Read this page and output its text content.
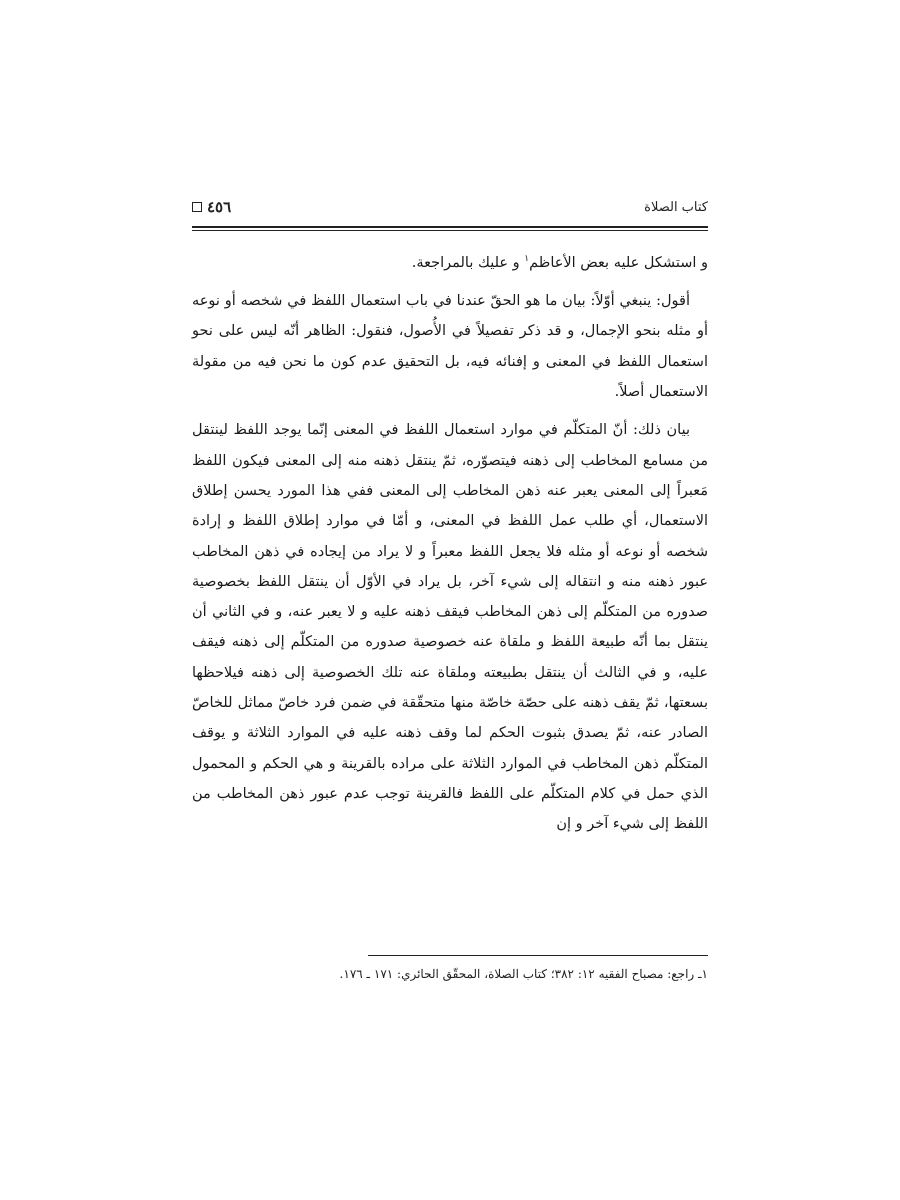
٤٥٦	كتاب الصلاة

و استشكل عليه بعض الأعاظم$^١$ و عليك بالمراجعة.

أقول: ينبغي أوّلاً: بيان ما هو الحقّ عندنا في باب استعمال اللفظ في شخصه أو نوعه أو مثله بنحو الإجمال، و قد ذكر تفصيلاً في الأُصول، فنقول: الظاهر أنّه ليس على نحو استعمال اللفظ في المعنى و إفنائه فيه، بل التحقيق عدم كون ما نحن فيه من مقولة الاستعمال أصلاً.

بيان ذلك: أنّ المتكلّم في موارد استعمال اللفظ في المعنى إنّما يوجد اللفظ لينتقل من مسامع المخاطب إلى ذهنه فيتصوّره، ثمّ ينتقل ذهنه منه إلى المعنى فيكون اللفظ مَعبراً إلى المعنى يعبر عنه ذهن المخاطب إلى المعنى ففي هذا المورد يحسن إطلاق الاستعمال، أي طلب عمل اللفظ في المعنى، و أمّا في موارد إطلاق اللفظ و إرادة شخصه أو نوعه أو مثله فلا يجعل اللفظ معبراً و لا يراد من إيجاده في ذهن المخاطب عبور ذهنه منه و انتقاله إلى شيء آخر، بل يراد في الأوّل أن ينتقل اللفظ بخصوصية صدوره من المتكلّم إلى ذهن المخاطب فيقف ذهنه عليه و لا يعبر عنه، و في الثاني أن ينتقل بما أنّه طبيعة اللفظ و ملقاة عنه خصوصية صدوره من المتكلّم إلى ذهنه فيقف عليه، و في الثالث أن ينتقل بطبيعته وملقاة عنه تلك الخصوصية إلى ذهنه فيلاحظها بسعتها، ثمّ يقف ذهنه على حصّة خاصّة منها متحقّقة في ضمن فرد خاصّ مماثل للخاصّ الصادر عنه، ثمّ يصدق بثبوت الحكم لما وقف ذهنه عليه في الموارد الثلاثة و يوقف المتكلّم ذهن المخاطب في الموارد الثلاثة على مراده بالقرينة و هي الحكم و المحمول الذي حمل في كلام المتكلّم على اللفظ فالقرينة توجب عدم عبور ذهن المخاطب من اللفظ إلى شيء آخر و إن

١ـ راجع: مصباح الفقيه ١٢: ٣٨٢؛ كتاب الصلاة، المحقّق الحائري: ١٧١ ـ ١٧٦.
